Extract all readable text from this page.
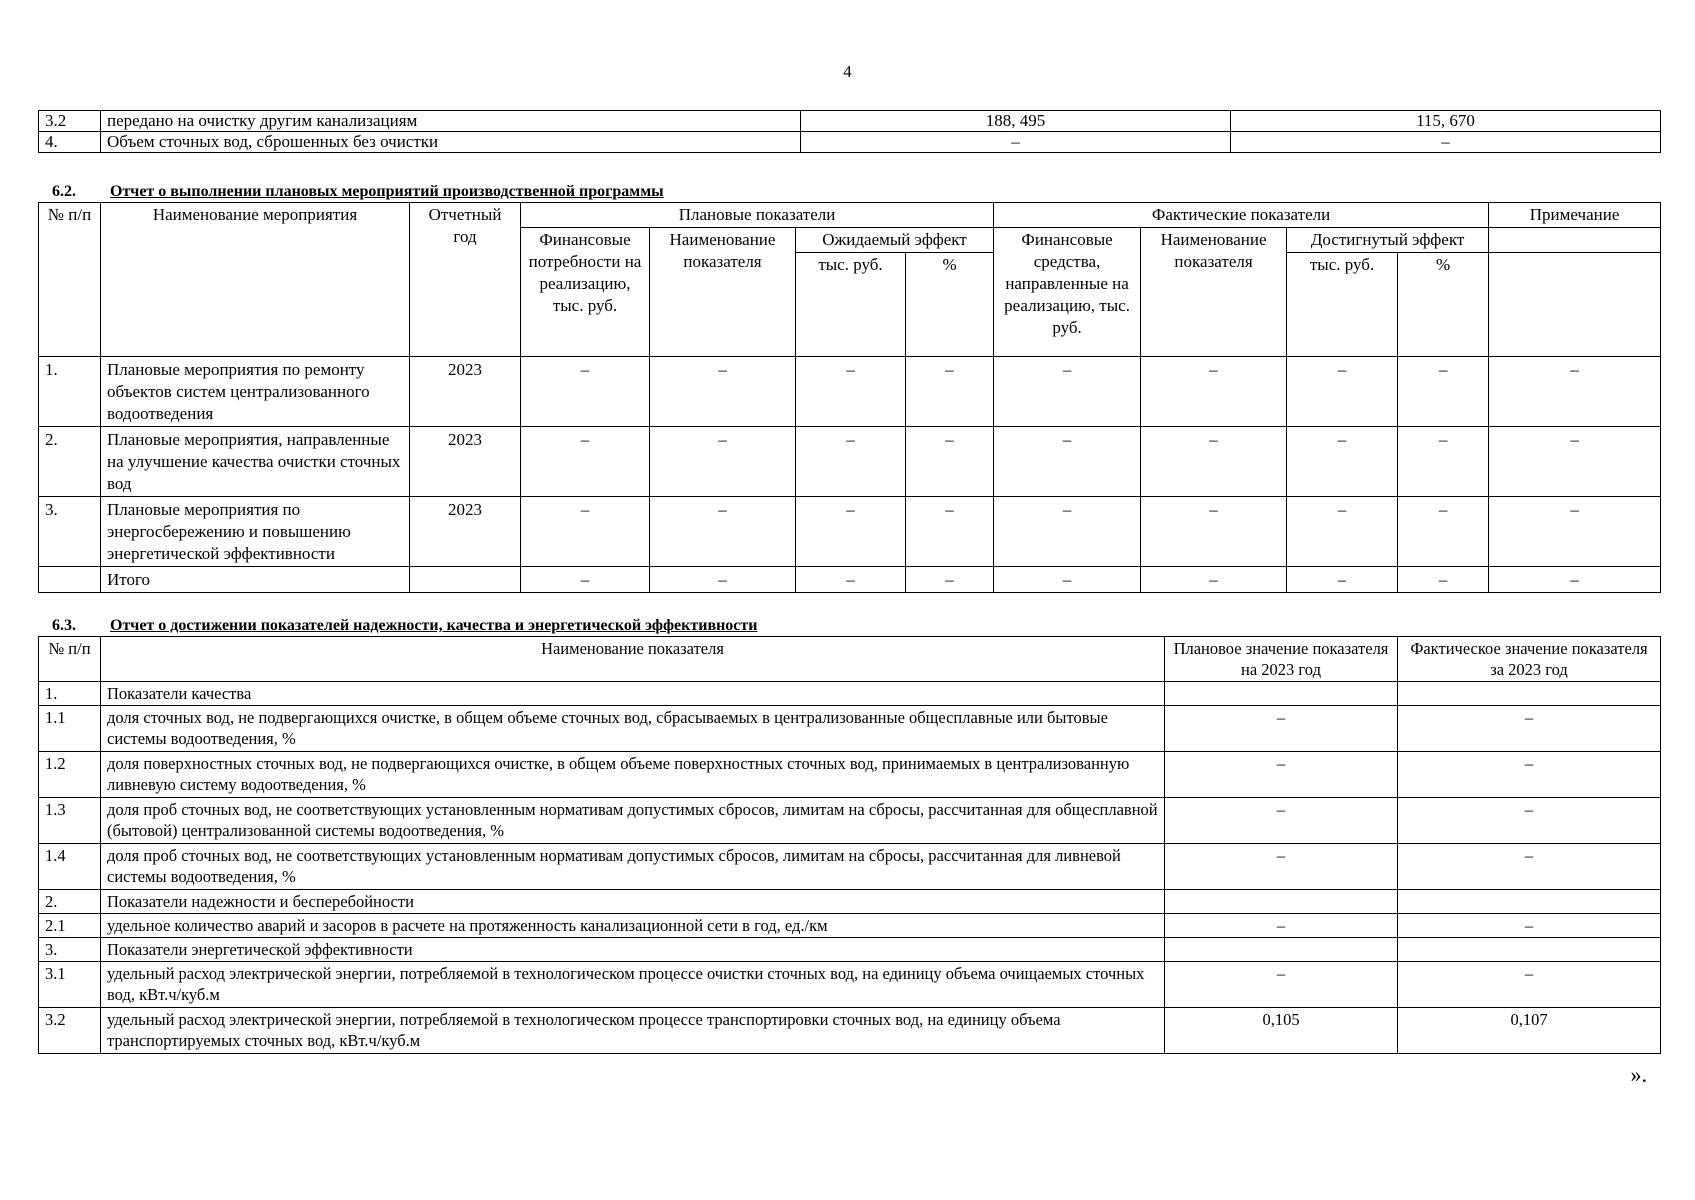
4
3.2	передано на очистку другим канализациям	188, 495	115, 670
4.	Объем сточных вод, сброшенных без очистки	–	–
6.2. Отчет о выполнении плановых мероприятий производственной программы
№ п/п	Наименование мероприятия	Отчетный год	Плановые показатели				Фактические показатели				Примечание
			Финансовые потребности на реализацию, тыс. руб.	Наименование показателя	Ожидаемый эффект		Финансовые средства, направленные на реализацию, тыс. руб.	Наименование показателя	Достигнутый эффект		
					тыс. руб.	%			тыс. руб.	%	
1.	Плановые мероприятия по ремонту объектов систем централизованного водоотведения	2023	–	–	–	–	–	–	–	–	–
2.	Плановые мероприятия, направленные на улучшение качества очистки сточных вод	2023	–	–	–	–	–	–	–	–	–
3.	Плановые мероприятия по энергосбережению и повышению энергетической эффективности	2023	–	–	–	–	–	–	–	–	–
	Итого		–	–	–	–	–	–	–	–	–
6.3. Отчет о достижении показателей надежности, качества и энергетической эффективности
№ п/п	Наименование показателя	Плановое значение показателя на 2023 год	Фактическое значение показателя за 2023 год
1.	Показатели качества		
1.1	доля сточных вод, не подвергающихся очистке, в общем объеме сточных вод, сбрасываемых в централизованные общесплавные или бытовые системы водоотведения, %	–	–
1.2	доля поверхностных сточных вод, не подвергающихся очистке, в общем объеме поверхностных сточных вод, принимаемых в централизованную ливневую систему водоотведения, %	–	–
1.3	доля проб сточных вод, не соответствующих установленным нормативам допустимых сбросов, лимитам на сбросы, рассчитанная для общесплавной (бытовой) централизованной системы водоотведения, %	–	–
1.4	доля проб сточных вод, не соответствующих установленным нормативам допустимых сбросов, лимитам на сбросы, рассчитанная для ливневой системы водоотведения, %	–	–
2.	Показатели надежности и бесперебойности		
2.1	удельное количество аварий и засоров в расчете на протяженность канализационной сети в год, ед./км	–	–
3.	Показатели энергетической эффективности		
3.1	удельный расход электрической энергии, потребляемой в технологическом процессе очистки сточных вод, на единицу объема очищаемых сточных вод, кВт.ч/куб.м	–	–
3.2	удельный расход электрической энергии, потребляемой в технологическом процессе транспортировки сточных вод, на единицу объема транспортируемых сточных вод, кВт.ч/куб.м	0,105	0,107
».
